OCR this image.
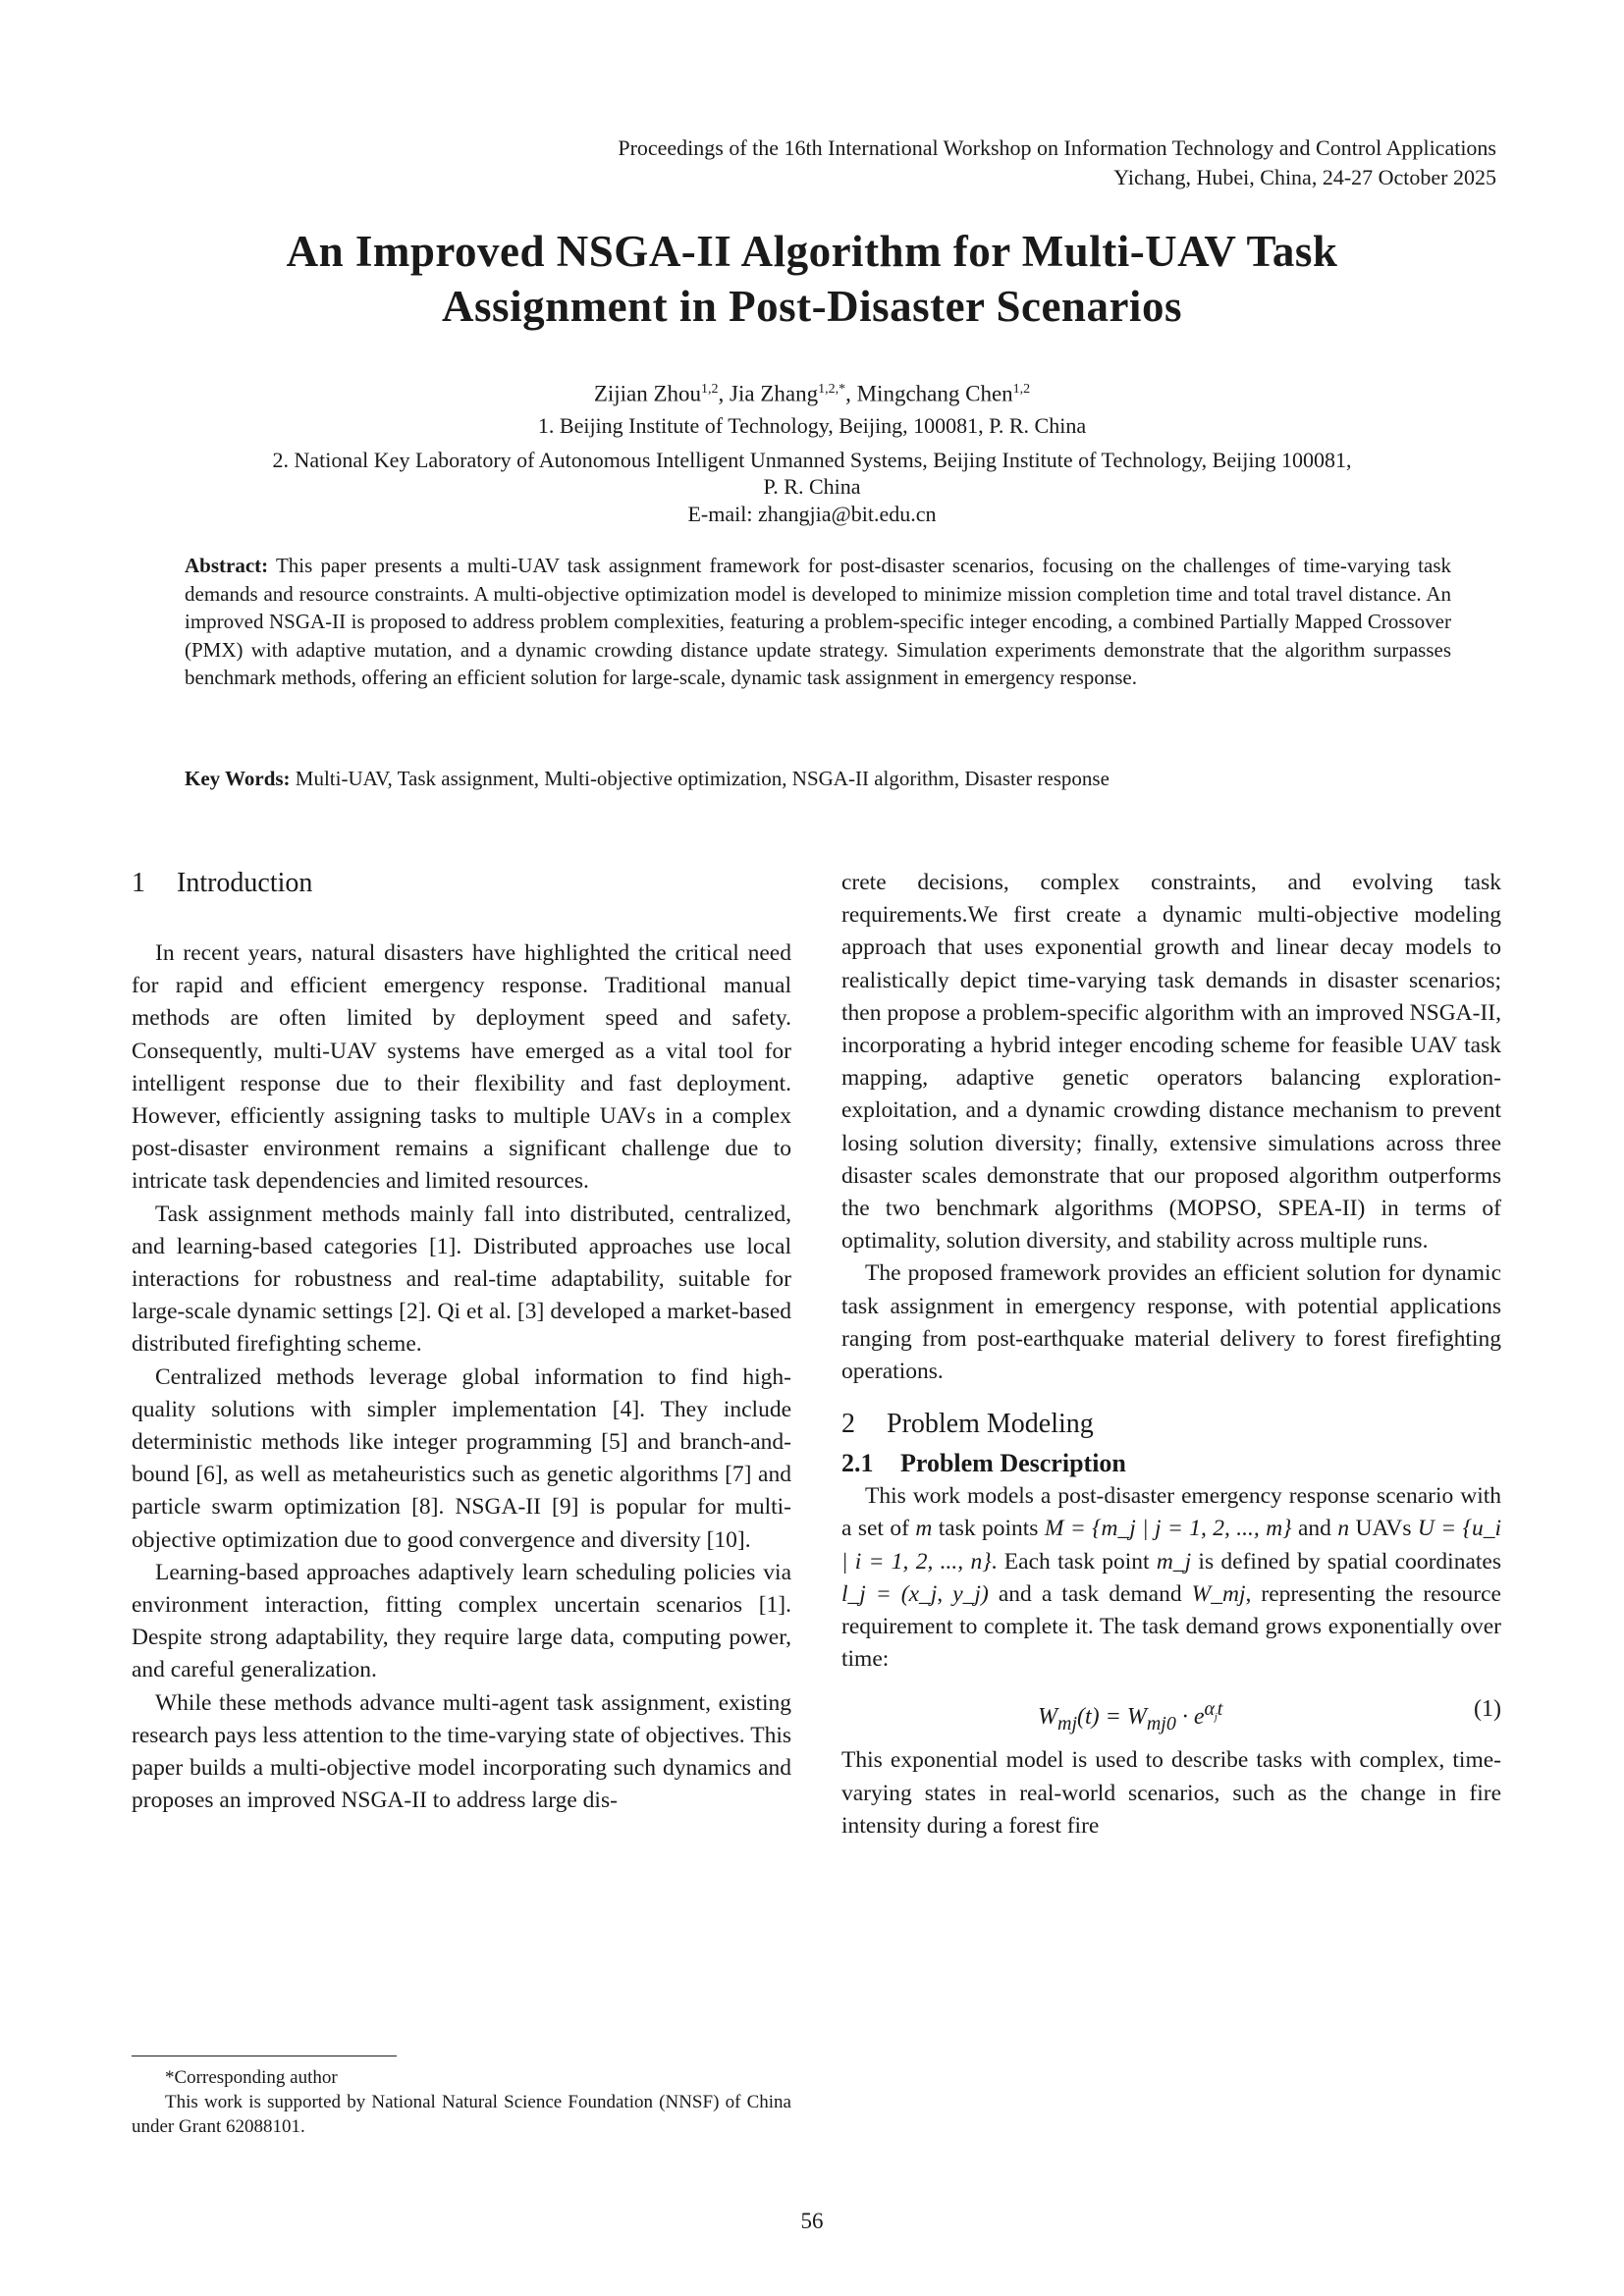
Proceedings of the 16th International Workshop on Information Technology and Control Applications
Yichang, Hubei, China, 24-27 October 2025
An Improved NSGA-II Algorithm for Multi-UAV Task
Assignment in Post-Disaster Scenarios
Zijian Zhou$^{1,2}$, Jia Zhang$^{1,2,*}$, Mingchang Chen$^{1,2}$
1. Beijing Institute of Technology, Beijing, 100081, P. R. China
2. National Key Laboratory of Autonomous Intelligent Unmanned Systems, Beijing Institute of Technology, Beijing 100081,
P. R. China
E-mail: zhangjia@bit.edu.cn
Abstract: This paper presents a multi-UAV task assignment framework for post-disaster scenarios, focusing on the challenges of time-varying task demands and resource constraints. A multi-objective optimization model is developed to minimize mission completion time and total travel distance. An improved NSGA-II is proposed to address problem complexities, featuring a problem-specific integer encoding, a combined Partially Mapped Crossover (PMX) with adaptive mutation, and a dynamic crowding distance update strategy. Simulation experiments demonstrate that the algorithm surpasses benchmark methods, offering an efficient solution for large-scale, dynamic task assignment in emergency response.
Key Words: Multi-UAV, Task assignment, Multi-objective optimization, NSGA-II algorithm, Disaster response
1 Introduction

In recent years, natural disasters have highlighted the critical need for rapid and efficient emergency response. Traditional manual methods are often limited by deployment speed and safety. Consequently, multi-UAV systems have emerged as a vital tool for intelligent response due to their flexibility and fast deployment. However, efficiently assigning tasks to multiple UAVs in a complex post-disaster environment remains a significant challenge due to intricate task dependencies and limited resources.

Task assignment methods mainly fall into distributed, centralized, and learning-based categories [1]. Distributed approaches use local interactions for robustness and real-time adaptability, suitable for large-scale dynamic settings [2]. Qi et al. [3] developed a market-based distributed firefighting scheme.

Centralized methods leverage global information to find high-quality solutions with simpler implementation [4]. They include deterministic methods like integer programming [5] and branch-and-bound [6], as well as metaheuristics such as genetic algorithms [7] and particle swarm optimization [8]. NSGA-II [9] is popular for multi-objective optimization due to good convergence and diversity [10].

Learning-based approaches adaptively learn scheduling policies via environment interaction, fitting complex uncertain scenarios [1]. Despite strong adaptability, they require large data, computing power, and careful generalization.

While these methods advance multi-agent task assignment, existing research pays less attention to the time-varying state of objectives. This paper builds a multi-objective model incorporating such dynamics and proposes an improved NSGA-II to address large dis-

*Corresponding author

This work is supported by National Natural Science Foundation (NNSF) of China under Grant 62088101.

crete decisions, complex constraints, and evolving task requirements.We first create a dynamic multi-objective modeling approach that uses exponential growth and linear decay models to realistically depict time-varying task demands in disaster scenarios; then propose a problem-specific algorithm with an improved NSGA-II, incorporating a hybrid integer encoding scheme for feasible UAV task mapping, adaptive genetic operators balancing exploration-exploitation, and a dynamic crowding distance mechanism to prevent losing solution diversity; finally, extensive simulations across three disaster scales demonstrate that our proposed algorithm outperforms the two benchmark algorithms (MOPSO, SPEA-II) in terms of optimality, solution diversity, and stability across multiple runs.

The proposed framework provides an efficient solution for dynamic task assignment in emergency response, with potential applications ranging from post-earthquake material delivery to forest firefighting operations.

2 Problem Modeling
2.1 Problem Description

This work models a post-disaster emergency response scenario with a set of m task points M = {m_j | j = 1, 2, ..., m} and n UAVs U = {u_i | i = 1, 2, ..., n}. Each task point m_j is defined by spatial coordinates l_j = (x_j, y_j) and a task demand W_mj, representing the resource requirement to complete it. The task demand grows exponentially over time:

$W_{mj}(t) = W_{mj0} \cdot e^{\alpha_jt}$	(1)

This exponential model is used to describe tasks with complex, time-varying states in real-world scenarios, such as the change in fire intensity during a forest fire

56
